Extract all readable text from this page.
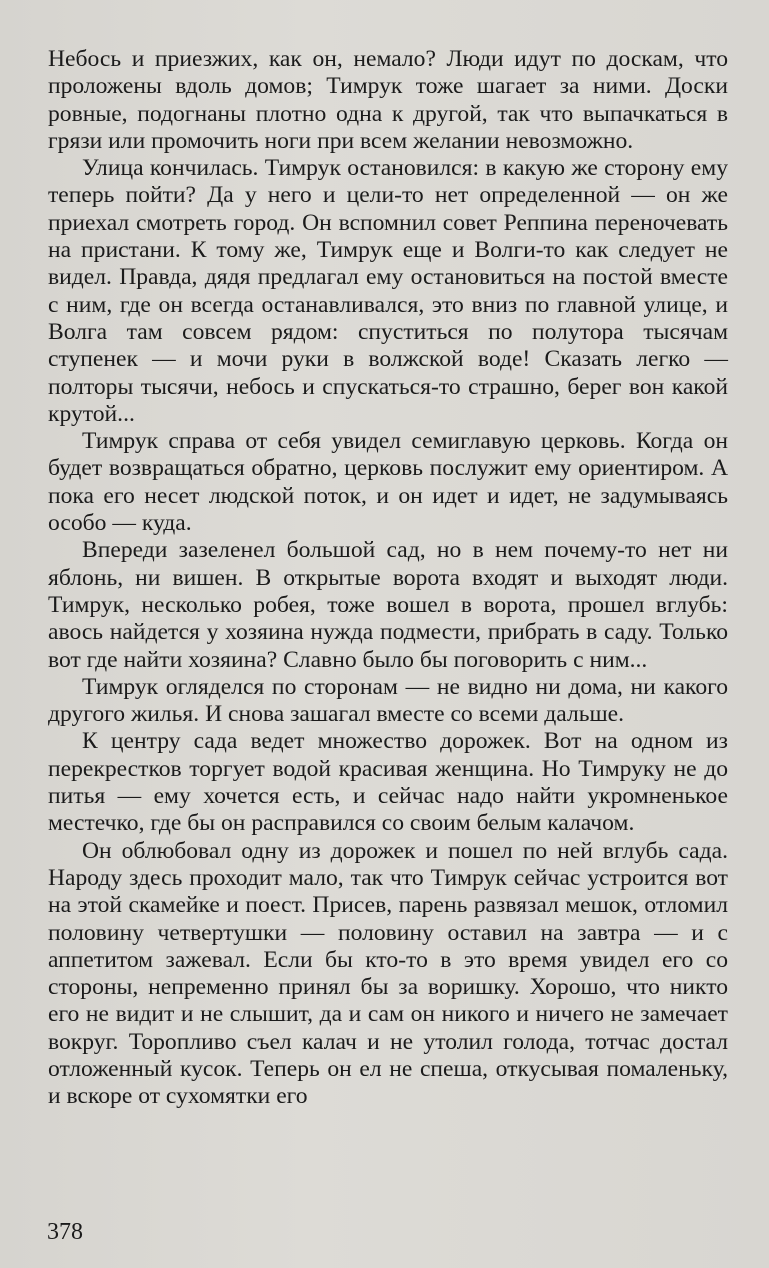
Небось и приезжих, как он, немало? Люди идут по доскам, что проложены вдоль домов; Тимрук тоже шагает за ними. Доски ровные, подогнаны плотно одна к другой, так что выпачкаться в грязи или промочить ноги при всем желании невозможно.

Улица кончилась. Тимрук остановился: в какую же сторону ему теперь пойти? Да у него и цели-то нет определенной — он же приехал смотреть город. Он вспомнил совет Реппина переночевать на пристани. К тому же, Тимрук еще и Волги-то как следует не видел. Правда, дядя предлагал ему остановиться на постой вместе с ним, где он всегда останавливался, это вниз по главной улице, и Волга там совсем рядом: спуститься по полутора тысячам ступенек — и мочи руки в волжской воде! Сказать легко — полторы тысячи, небось и спускаться-то страшно, берег вон какой крутой...

Тимрук справа от себя увидел семиглавую церковь. Когда он будет возвращаться обратно, церковь послужит ему ориентиром. А пока его несет людской поток, и он идет и идет, не задумываясь особо — куда.

Впереди зазеленел большой сад, но в нем почему-то нет ни яблонь, ни вишен. В открытые ворота входят и выходят люди. Тимрук, несколько робея, тоже вошел в ворота, прошел вглубь: авось найдется у хозяина нужда подмести, прибрать в саду. Только вот где найти хозяина? Славно было бы поговорить с ним...

Тимрук огляделся по сторонам — не видно ни дома, ни какого другого жилья. И снова зашагал вместе со всеми дальше.

К центру сада ведет множество дорожек. Вот на одном из перекрестков торгует водой красивая женщина. Но Тимруку не до питья — ему хочется есть, и сейчас надо найти укромненькое местечко, где бы он расправился со своим белым калачом.

Он облюбовал одну из дорожек и пошел по ней вглубь сада. Народу здесь проходит мало, так что Тимрук сейчас устроится вот на этой скамейке и поест. Присев, парень развязал мешок, отломил половину четвертушки — половину оставил на завтра — и с аппетитом зажевал. Если бы кто-то в это время увидел его со стороны, непременно принял бы за воришку. Хорошо, что никто его не видит и не слышит, да и сам он никого и ничего не замечает вокруг. Торопливо съел калач и не утолил голода, тотчас достал отложенный кусок. Теперь он ел не спеша, откусывая помаленьку, и вскоре от сухомятки его

378
